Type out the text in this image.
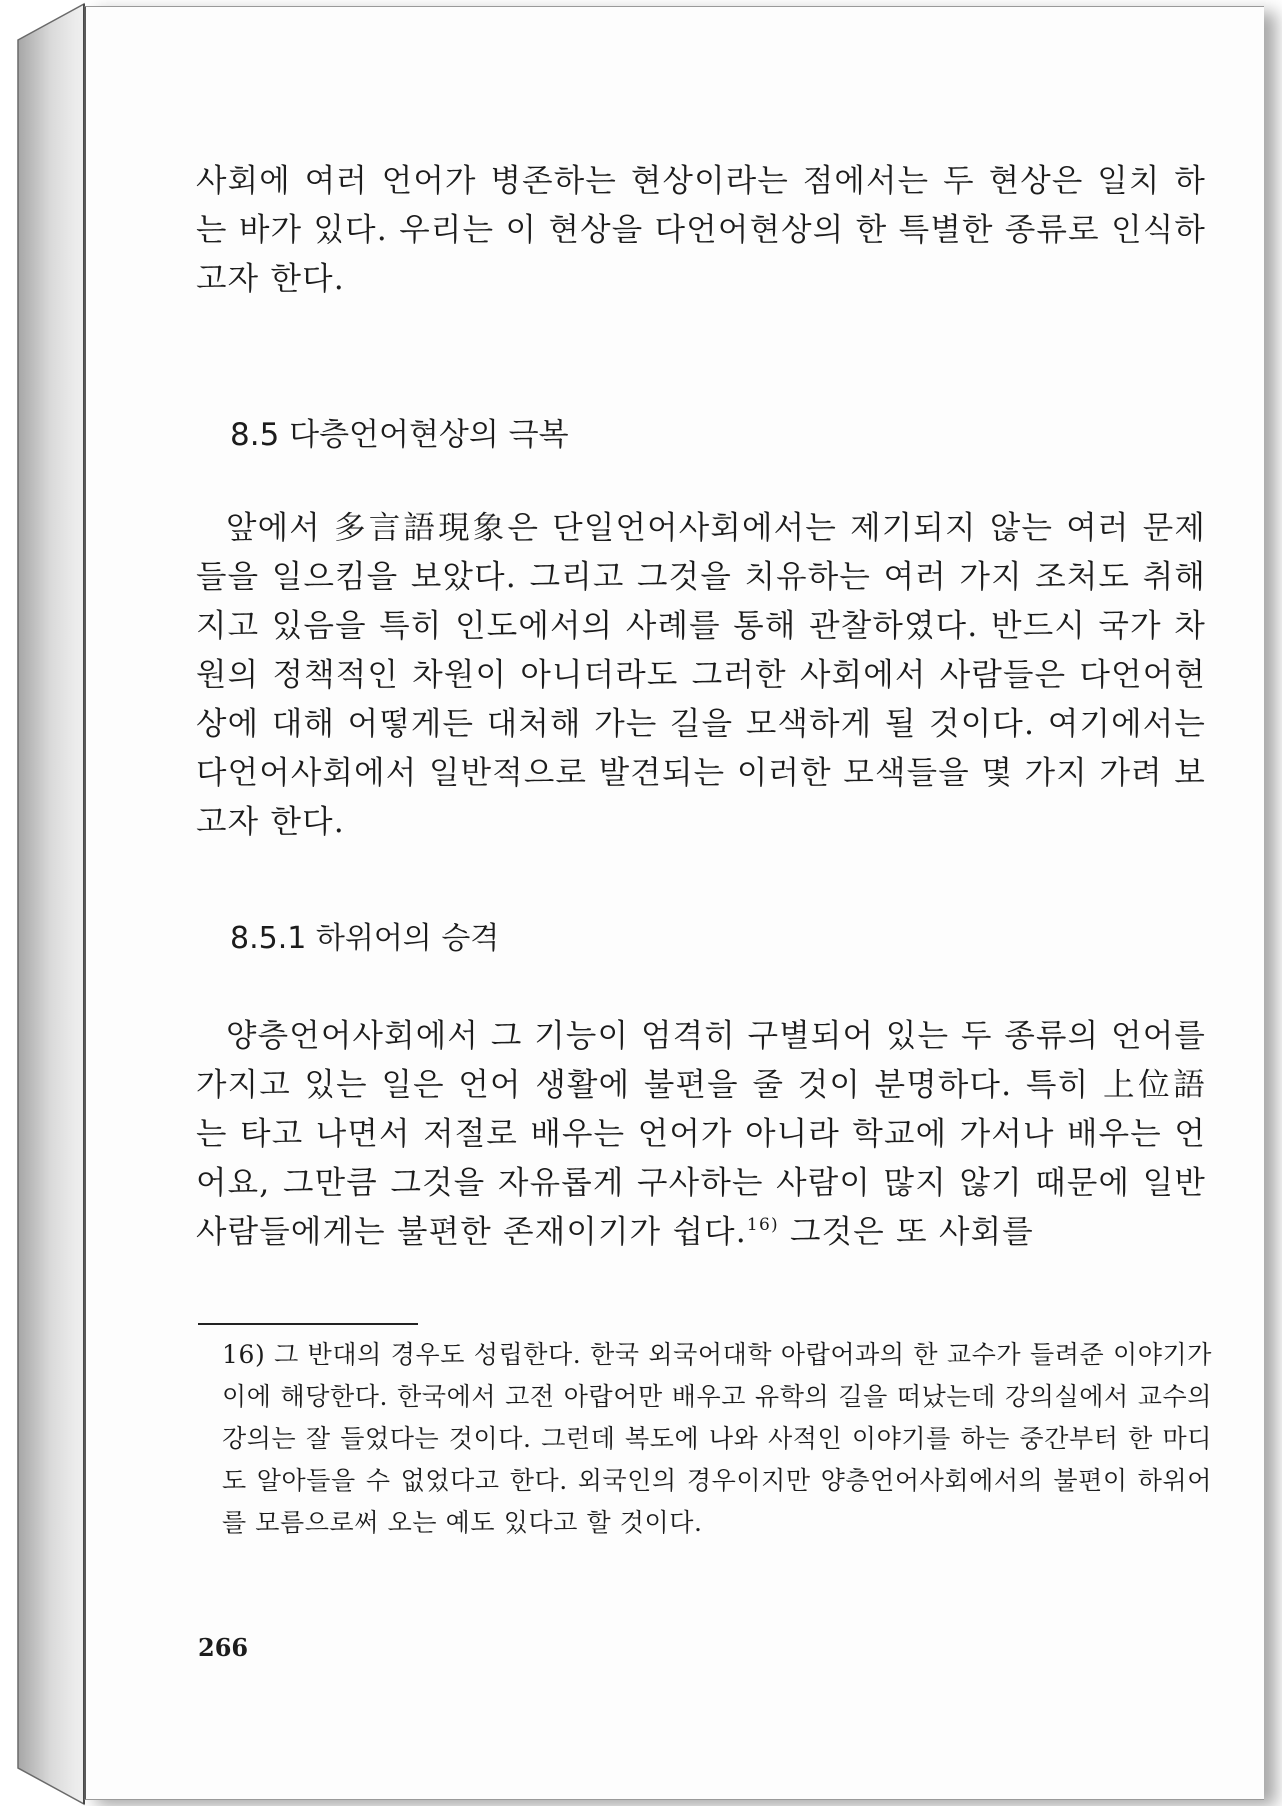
사회에 여러 언어가 병존하는 현상이라는 점에서는 두 현상은 일치 하는 바가 있다. 우리는 이 현상을 다언어현상의 한 특별한 종류로 인식하고자 한다.

8.5 다층언어현상의 극복

앞에서 多言語現象은 단일언어사회에서는 제기되지 않는 여러 문제들을 일으킴을 보았다. 그리고 그것을 치유하는 여러 가지 조처도 취해지고 있음을 특히 인도에서의 사례를 통해 관찰하였다. 반드시 국가 차원의 정책적인 차원이 아니더라도 그러한 사회에서 사람들은 다언어현상에 대해 어떻게든 대처해 가는 길을 모색하게 될 것이다. 여기에서는 다언어사회에서 일반적으로 발견되는 이러한 모색들을 몇 가지 가려 보고자 한다.

8.5.1 하위어의 승격

양층언어사회에서 그 기능이 엄격히 구별되어 있는 두 종류의 언어를 가지고 있는 일은 언어 생활에 불편을 줄 것이 분명하다. 특히 上位語는 타고 나면서 저절로 배우는 언어가 아니라 학교에 가서나 배우는 언어요, 그만큼 그것을 자유롭게 구사하는 사람이 많지 않기 때문에 일반 사람들에게는 불편한 존재이기가 쉽다.$^{16)}$ 그것은 또 사회를

16) 그 반대의 경우도 성립한다. 한국 외국어대학 아랍어과의 한 교수가 들려준 이야기가 이에 해당한다. 한국에서 고전 아랍어만 배우고 유학의 길을 떠났는데 강의실에서 교수의 강의는 잘 들었다는 것이다. 그런데 복도에 나와 사적인 이야기를 하는 중간부터 한 마디도 알아들을 수 없었다고 한다. 외국인의 경우이지만 양층언어사회에서의 불편이 하위어를 모름으로써 오는 예도 있다고 할 것이다.
266
